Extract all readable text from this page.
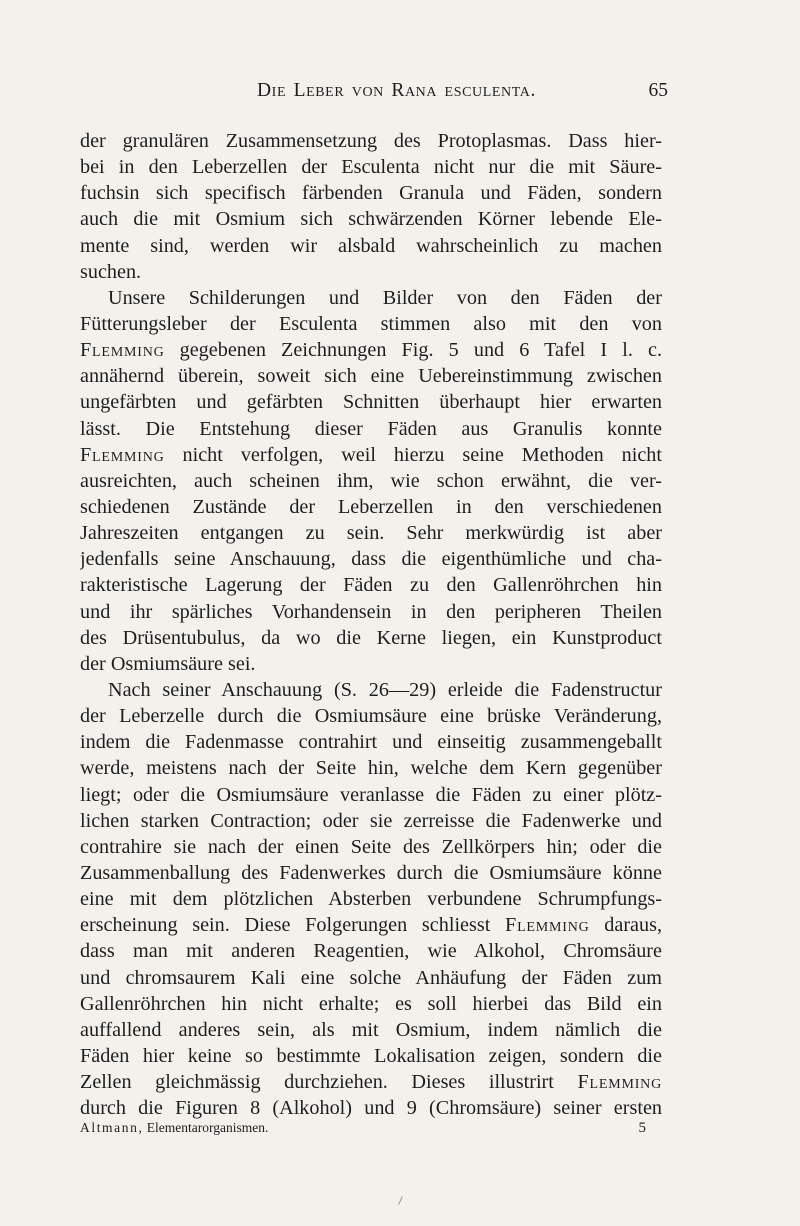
Die Leber von Rana esculenta.	65
der granulären Zusammensetzung des Protoplasmas. Dass hier-
bei in den Leberzellen der Esculenta nicht nur die mit Säure-
fuchsin sich specifisch färbenden Granula und Fäden, sondern
auch die mit Osmium sich schwärzenden Körner lebende Ele-
mente sind, werden wir alsbald wahrscheinlich zu machen
suchen.
Unsere Schilderungen und Bilder von den Fäden der
Fütterungsleber der Esculenta stimmen also mit den von
Flemming gegebenen Zeichnungen Fig. 5 und 6 Tafel I l. c.
annähernd überein, soweit sich eine Uebereinstimmung zwischen
ungefärbten und gefärbten Schnitten überhaupt hier erwarten
lässt. Die Entstehung dieser Fäden aus Granulis konnte
Flemming nicht verfolgen, weil hierzu seine Methoden nicht
ausreichten, auch scheinen ihm, wie schon erwähnt, die ver-
schiedenen Zustände der Leberzellen in den verschiedenen
Jahreszeiten entgangen zu sein. Sehr merkwürdig ist aber
jedenfalls seine Anschauung, dass die eigenthümliche und cha-
rakteristische Lagerung der Fäden zu den Gallenröhrchen hin
und ihr spärliches Vorhandensein in den peripheren Theilen
des Drüsentubulus, da wo die Kerne liegen, ein Kunstproduct
der Osmiumsäure sei.
Nach seiner Anschauung (S. 26—29) erleide die Fadenstructur
der Leberzelle durch die Osmiumsäure eine brüske Veränderung,
indem die Fadenmasse contrahirt und einseitig zusammengeballt
werde, meistens nach der Seite hin, welche dem Kern gegenüber
liegt; oder die Osmiumsäure veranlasse die Fäden zu einer plötz-
lichen starken Contraction; oder sie zerreisse die Fadenwerke und
contrahire sie nach der einen Seite des Zellkörpers hin; oder die
Zusammenballung des Fadenwerkes durch die Osmiumsäure könne
eine mit dem plötzlichen Absterben verbundene Schrumpfungs-
erscheinung sein. Diese Folgerungen schliesst Flemming daraus,
dass man mit anderen Reagentien, wie Alkohol, Chromsäure
und chromsaurem Kali eine solche Anhäufung der Fäden zum
Gallenröhrchen hin nicht erhalte; es soll hierbei das Bild ein
auffallend anderes sein, als mit Osmium, indem nämlich die
Fäden hier keine so bestimmte Lokalisation zeigen, sondern die
Zellen gleichmässig durchziehen. Dieses illustrirt Flemming
durch die Figuren 8 (Alkohol) und 9 (Chromsäure) seiner ersten
Altmann, Elementarorganismen.	5
